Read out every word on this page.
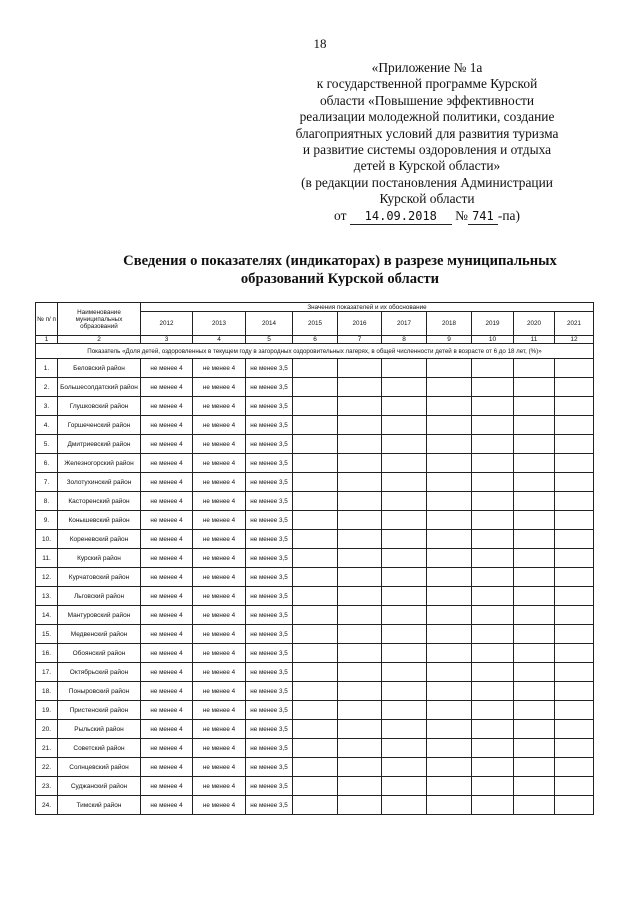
18
«Приложение № 1а
к государственной программе Курской
области «Повышение эффективности
реализации молодежной политики, создание
благоприятных условий для развития туризма
и развитие системы оздоровления и отдыха
детей в Курской области»
(в редакции постановления Администрации
Курской области
от 14.09.2018 № 741 -па)
Сведения о показателях (индикаторах) в разрезе муниципальных
образований Курской области
№ п/ п	Наименование муниципальных образований	Значения показателей и их обоснование									
		2012	2013	2014	2015	2016	2017	2018	2019	2020	2021
1	2	3	4	5	6	7	8	9	10	11	12
Показатель «Доля детей, оздоровленных в текущем году в загородных оздоровительных лагерях, в общей численности детей в возрасте от 6 до 18 лет, (%)»											
1.	Беловский район	не менее 4	не менее 4	не менее 3,5							
2.	Большесолдатский район	не менее 4	не менее 4	не менее 3,5							
3.	Глушковский район	не менее 4	не менее 4	не менее 3,5							
4.	Горшеченский район	не менее 4	не менее 4	не менее 3,5							
5.	Дмитриевский район	не менее 4	не менее 4	не менее 3,5							
6.	Железногорский район	не менее 4	не менее 4	не менее 3,5							
7.	Золотухинский район	не менее 4	не менее 4	не менее 3,5							
8.	Касторенский район	не менее 4	не менее 4	не менее 3,5							
9.	Конышевский район	не менее 4	не менее 4	не менее 3,5							
10.	Кореневский район	не менее 4	не менее 4	не менее 3,5							
11.	Курский район	не менее 4	не менее 4	не менее 3,5							
12.	Курчатовский район	не менее 4	не менее 4	не менее 3,5							
13.	Льговский район	не менее 4	не менее 4	не менее 3,5							
14.	Мантуровский район	не менее 4	не менее 4	не менее 3,5							
15.	Медвенский район	не менее 4	не менее 4	не менее 3,5							
16.	Обоянский район	не менее 4	не менее 4	не менее 3,5							
17.	Октябрьский район	не менее 4	не менее 4	не менее 3,5							
18.	Поныровский район	не менее 4	не менее 4	не менее 3,5							
19.	Пристенский район	не менее 4	не менее 4	не менее 3,5							
20.	Рыльский район	не менее 4	не менее 4	не менее 3,5							
21.	Советский район	не менее 4	не менее 4	не менее 3,5							
22.	Солнцевский район	не менее 4	не менее 4	не менее 3,5							
23.	Суджанский район	не менее 4	не менее 4	не менее 3,5							
24.	Тимский район	не менее 4	не менее 4	не менее 3,5							
